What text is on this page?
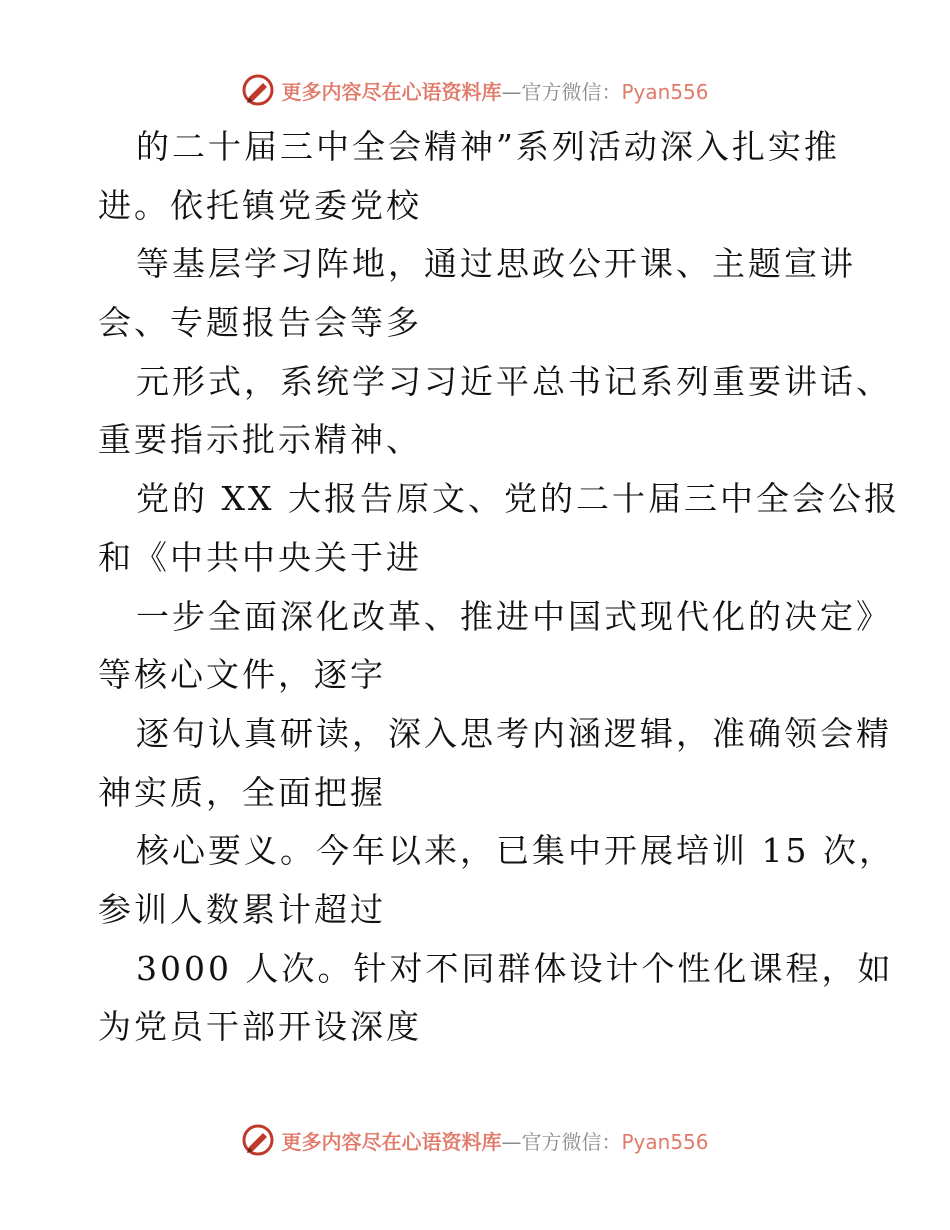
更多内容尽在心语资料库—官方微信：Pyan556
的二十届三中全会精神”系列活动深入扎实推
进。依托镇党委党校
等基层学习阵地，通过思政公开课、主题宣讲
会、专题报告会等多
元形式，系统学习习近平总书记系列重要讲话、
重要指示批示精神、
党的 XX 大报告原文、党的二十届三中全会公报
和《中共中央关于进
一步全面深化改革、推进中国式现代化的决定》
等核心文件，逐字
逐句认真研读，深入思考内涵逻辑，准确领会精
神实质，全面把握
核心要义。今年以来，已集中开展培训 15 次，
参训人数累计超过
3000 人次。针对不同群体设计个性化课程，如
为党员干部开设深度
更多内容尽在心语资料库—官方微信：Pyan556
